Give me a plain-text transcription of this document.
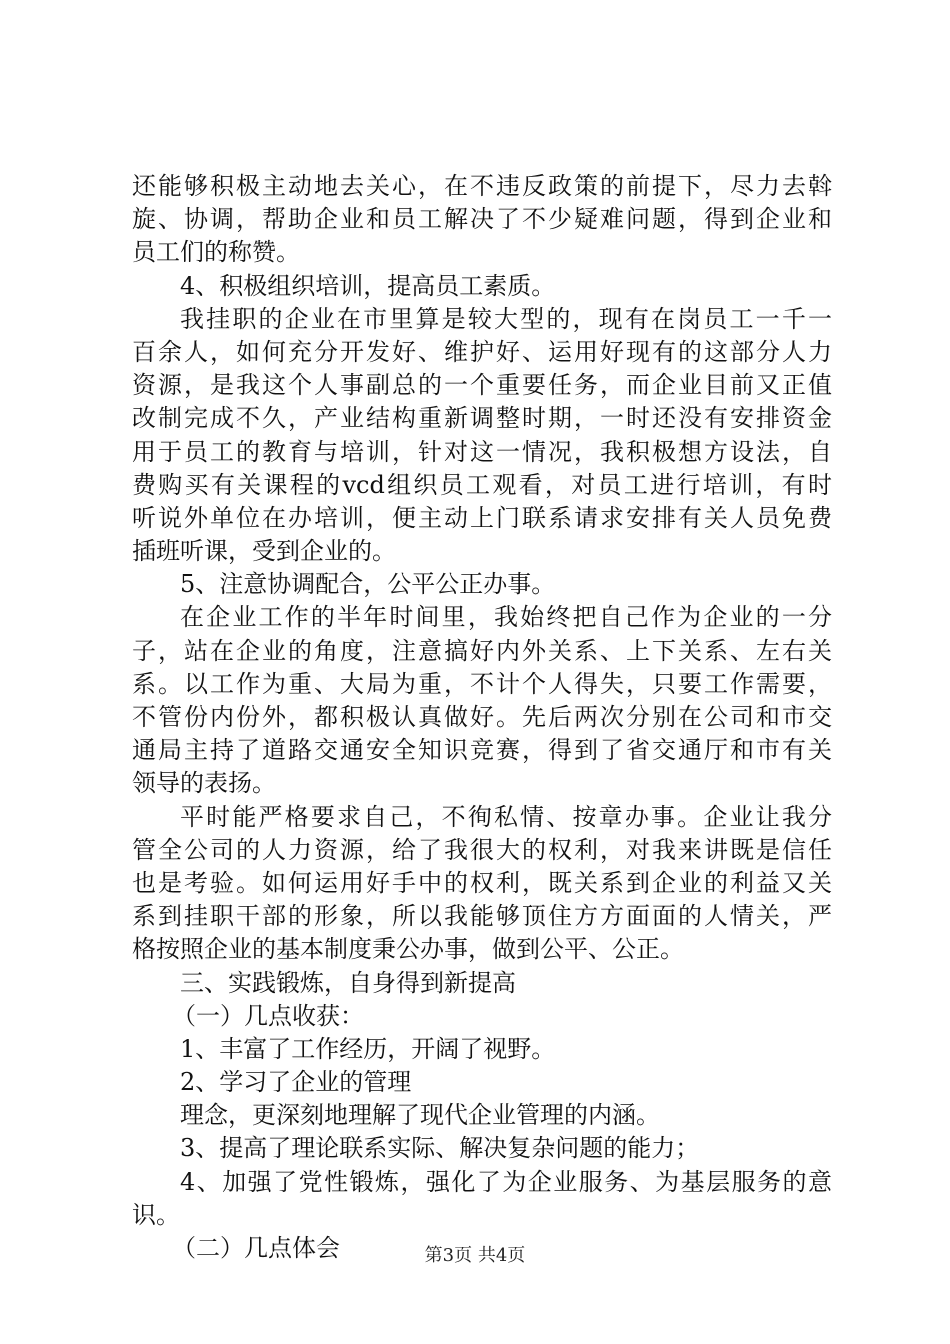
还能够积极主动地去关心，在不违反政策的前提下，尽力去斡
旋、协调，帮助企业和员工解决了不少疑难问题，得到企业和
员工们的称赞。
4、积极组织培训，提高员工素质。
我挂职的企业在市里算是较大型的，现有在岗员工一千一
百余人，如何充分开发好、维护好、运用好现有的这部分人力
资源，是我这个人事副总的一个重要任务，而企业目前又正值
改制完成不久，产业结构重新调整时期，一时还没有安排资金
用于员工的教育与培训，针对这一情况，我积极想方设法，自
费购买有关课程的vcd组织员工观看，对员工进行培训，有时
听说外单位在办培训，便主动上门联系请求安排有关人员免费
插班听课，受到企业的。
5、注意协调配合，公平公正办事。
在企业工作的半年时间里，我始终把自己作为企业的一分
子，站在企业的角度，注意搞好内外关系、上下关系、左右关
系。以工作为重、大局为重，不计个人得失，只要工作需要，
不管份内份外，都积极认真做好。先后两次分别在公司和市交
通局主持了道路交通安全知识竞赛，得到了省交通厅和市有关
领导的表扬。
平时能严格要求自己，不徇私情、按章办事。企业让我分
管全公司的人力资源，给了我很大的权利，对我来讲既是信任
也是考验。如何运用好手中的权利，既关系到企业的利益又关
系到挂职干部的形象，所以我能够顶住方方面面的人情关，严
格按照企业的基本制度秉公办事，做到公平、公正。
三、实践锻炼，自身得到新提高
（一）几点收获：
1、丰富了工作经历，开阔了视野。
2、学习了企业的管理
理念，更深刻地理解了现代企业管理的内涵。
3、提高了理论联系实际、解决复杂问题的能力；
4、加强了党性锻炼，强化了为企业服务、为基层服务的意
识。
（二）几点体会	第3页 共4页
